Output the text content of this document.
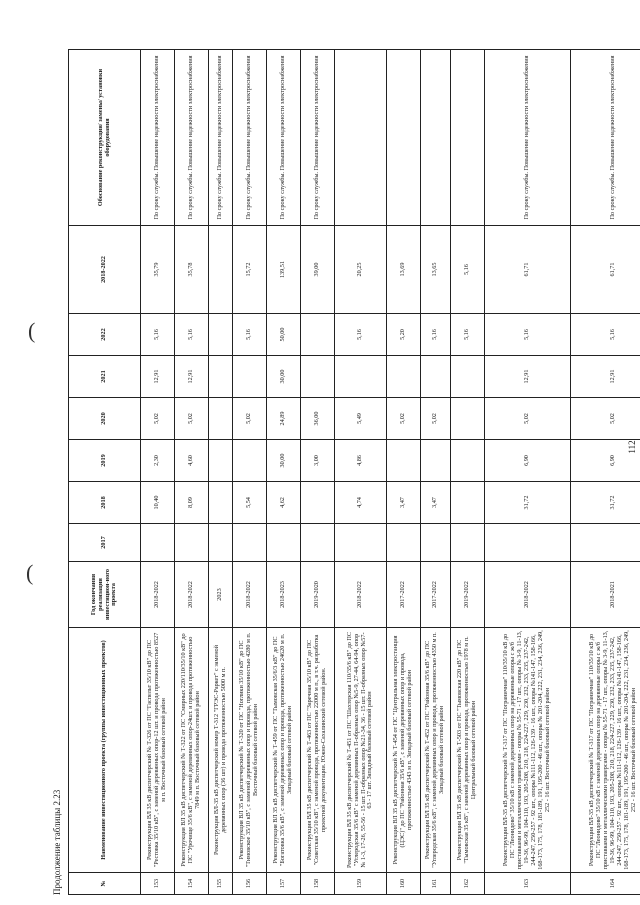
(
(
Продолжение таблицы 2.23	№	Наименование инвестиционного проекта (группы инвестиционных проектов)	Год окончания реализации инвестицион-ного проекта	2017	2018	2019	2020	2021	2022	2018-2022	Обоснование реконструкции/ замены/ установки оборудования
153	Реконструкция ВЛ 35 кВ диспетчерский № Т-326 от ПС "Гаспельт 35/10 кВ" до ПС "Рестовка 35/10 кВ", с заменой деревянных опор-12 шт. и провода протяженностью 8527 м п. Восточный базовый сетевой район	2018-2022		10,40	2,30	5,02	12,91	5,16	35,79	По сроку службы. Повышение надежности электроснабжения
154	Реконструкция ВЛ 35 кВ диспетчерский № Т-322 от ПС "Смирных 220/110/35/10 кВ" до ПС "Урочище 35/6 кВ", с заменой деревянных опор-24шт. и провода протяженностью 7849 м п. Восточный базовый сетевой район	2018-2022		8,09	4,60	5,02	12,91	5,16	35,78	По сроку службы. Повышение надежности электроснабжения
155	Реконструкция ВЛ-35 кВ диспетчерский номер Т-312 "ГРЭС-Раркет" с заменой деревянных опор (36 шт) и провода протяженностью 5000 м п.	2023								По сроку службы. Повышение надежности электроснабжения
156	Реконструкция ВЛ 35 кВ диспетчерский № Т-320 от ПС "Ноглики 35/10 кВ" до ПС "Тимовское 35/10 кВ", с заменой деревянных опор и провода, протяженностью 4280 м п. Восточный базовый сетевой район	2018-2022		5,54		5,02		5,16	15,72	По сроку службы. Повышение надежности электроснабжения
157	Реконструкция ВЛ 35 кВ диспетчерский № Т-459 от ПС "Тымовская 35/6/3 кВ" до ПС "Богатовка 35/6 кВ", с заменой деревянных опор и провода, протяженностью 24620 м п. Западный базовый сетевой район	2018-2023		4,62	30,00	24,89	30,00	50,00	139,51	По сроку службы. Повышение надежности электроснабжения
158	Реконструкция ВЛ 35 кВ диспетчерский № Т-463 от ПС "Заречная 35/10 кВ" до ПС "Советская 35/10 кВ", с заменой провода, протяженностью 22000 м п., в т.ч. разработка проектной документации. Южно-Сахалинский сетевой район.	2019-2020			3,00	36,00			39,00	По сроку службы. Повышение надежности электроснабжения
159	Реконструкция ВЛ 35 кВ диспетчерский № Т-451 от ПС "Шахтерская 110/35/6 кВ" до ПС "Углеродская 35/6 кВ" с заменой деревянных П-образных опор №5-9, 27-44, 64-94, опор № 1-3, 17-26, 55-56 - 15 шт. П-образных опор №21-34, 36 - 15 шт. П-образных опор №57-63 - 17 шт. Западный базовый сетевой район	2018-2022		4,74	4,86	5,49		5,16	20,25	
160	Реконструкция ВЛ 35 кВ диспетчерский № Т-454 от ПС "Центральная электростанция (ЦЭС)" до ПС "Районная 35/6 кВ", с заменой деревянных опор и провода, протяженностью 4343 м п. Западный базовый сетевой район	2017-2022		3,47		5,02		5,20	13,69	
161	Реконструкция ВЛ 35 кВ диспетчерский № Т-452 от ПС "Районная 35/6 кВ" до ПС "Углеродская 35/6 кВ", с заменой деревянных опор и провода, протяженностью 4350 м п. Западный базовый сетевой район	2017-2022		3,47		5,02		5,16	13,65	
162	Реконструкция ВЛ 35 кВ диспетчерский № Т-503 от ПС "Тымовская 220 кВ" до ПС "Тымовская 35 кВ", с заменой деревянных опор и провода, протяженностью 1978 м п. Центральный базовый сетевой район	2019-2022						5,16	5,16	
163	Реконструкция ВЛ-35 кВ диспетчерский № Т-317 от ПС "Пограничная" 110/35/10 кВ до ПС "Леонидово" 35/10 кВ с заменой деревянных опор на деревянные опоры с ж/б приставками и металлическими траверсами - опоры № 55-71 - 17 шт., опоры № 3-9, 11-13, 19-36, 96-99, 104-110, 193, 205-208, 210, 218, 224-227, 229, 230, 232, 233, 235, 237-242, 244-247, 250-257 - 92 шт., опоры №111-112, 126-139 - 16 шт., опоры №141-147, 158-166, 168-173, 175, 178, 181-189, 191, 195-200 - 46 шт., опоры № 201-204, 222, 231, 234, 236, 249, 252 - 16 шт. Восточный базовый сетевой район	2018-2022		31,72	6,90	5,02	12,91	5,16	61,71	По сроку службы. Повышение надежности электроснабжения
164	Реконструкция ВЛ-35 кВ диспетчерский № Т-317 от ПС "Пограничная" 110/35/10 кВ до ПС "Леонидово" 35/10 кВ с заменой деревянных опор на деревянные опоры с ж/б приставками и металлическими траверсами - опоры № 55-71 - 17 шт., опоры № 3-9, 11-13, 19-36, 96-99, 104-110, 193, 205-208, 210, 218, 224-227, 229, 230, 232, 233, 235, 237-242, 244-247, 250-257 - 92 шт., опоры №111-112, 126-139 - 16 шт., опоры №141-147, 158-166, 168-173, 175, 178, 181-189, 191, 195-200 - 46 шт., опоры № 201-204, 222, 231, 234, 236, 249, 252 - 16 шт. Восточный базовый сетевой район	2018-2021		31,72	6,90	5,02	12,91	5,16	61,71	По сроку службы. Повышение надежности электроснабжения
112
